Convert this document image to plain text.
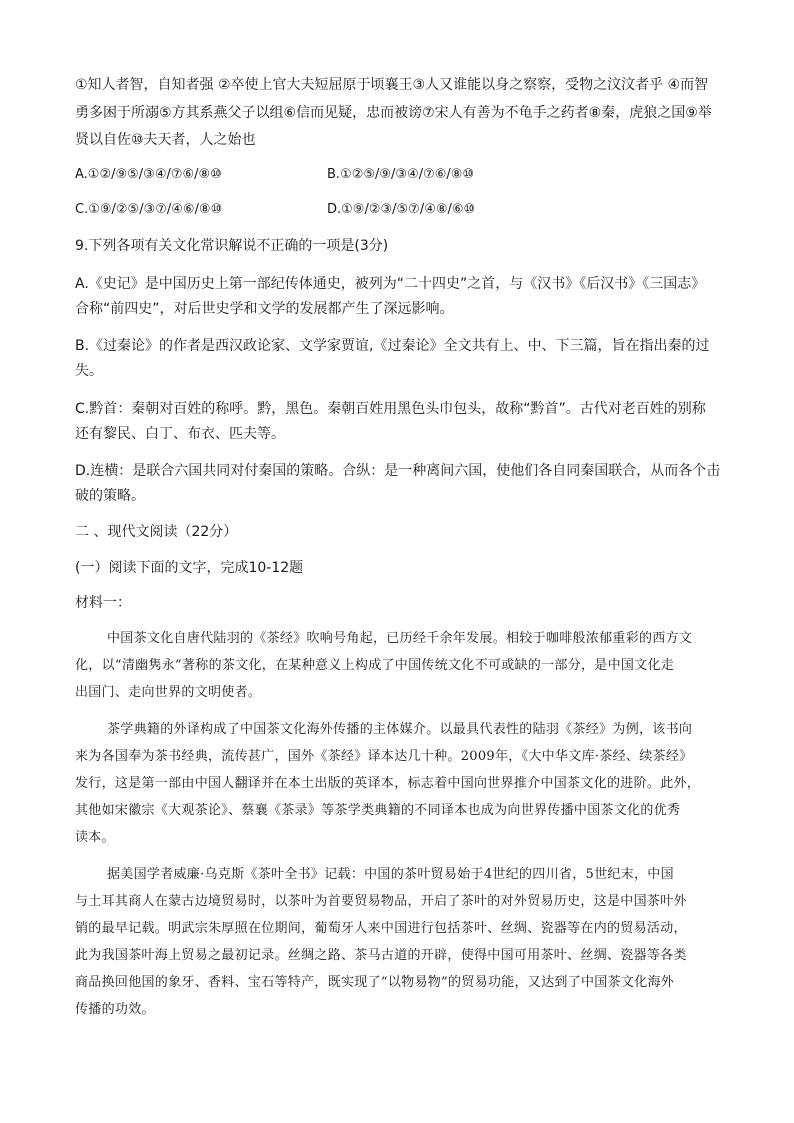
①知人者智，自知者强 ②卒使上官大夫短屈原于顷襄王③人又谁能以身之察察，受物之汶汶者乎 ④而智
勇多困于所溺⑤方其系燕父子以组⑥信而见疑，忠而被谤⑦宋人有善为不龟手之药者⑧秦，虎狼之国⑨举
贤以自佐⑩夫天者，人之始也
A.①②/⑨⑤/③④/⑦⑥/⑧⑩	B.①②⑤/⑨/③④/⑦⑥/⑧⑩
C.①⑨/②⑤/③⑦/④⑥/⑧⑩	D.①⑨/②③/⑤⑦/④⑧/⑥⑩
9.下列各项有关文化常识解说不正确的一项是(3分)
A.《史记》是中国历史上第一部纪传体通史，被列为“二十四史”之首，与《汉书》《后汉书》《三国志》
合称“前四史”，对后世史学和文学的发展都产生了深远影响。
B.《过秦论》的作者是西汉政论家、文学家贾谊,《过秦论》全文共有上、中、下三篇，旨在指出秦的过
失。
C.黔首：秦朝对百姓的称呼。黔，黑色。秦朝百姓用黑色头巾包头，故称“黔首”。古代对老百姓的别称
还有黎民、白丁、布衣、匹夫等。
D.连横：是联合六国共同对付秦国的策略。合纵：是一种离间六国，使他们各自同秦国联合，从而各个击
破的策略。
二 、现代文阅读（22分）
(一）阅读下面的文字，完成10-12题
材料一：
中国茶文化自唐代陆羽的《茶经》吹响号角起，已历经千余年发展。相较于咖啡般浓郁重彩的西方文
化，以“清幽隽永”著称的茶文化，在某种意义上构成了中国传统文化不可或缺的一部分，是中国文化走
出国门、走向世界的文明使者。
茶学典籍的外译构成了中国茶文化海外传播的主体媒介。以最具代表性的陆羽《茶经》为例，该书向
来为各国奉为茶书经典，流传甚广，国外《茶经》译本达几十种。2009年，《大中华文库·茶经、续茶经》
发行，这是第一部由中国人翻译并在本土出版的英译本，标志着中国向世界推介中国茶文化的进阶。此外，
其他如宋徽宗《大观茶论》、蔡襄《茶录》等茶学类典籍的不同译本也成为向世界传播中国茶文化的优秀
读本。
据美国学者威廉·乌克斯《茶叶全书》记载：中国的茶叶贸易始于4世纪的四川省，5世纪末，中国
与土耳其商人在蒙古边境贸易时，以茶叶为首要贸易物品，开启了茶叶的对外贸易历史，这是中国茶叶外
销的最早记载。明武宗朱厚照在位期间，葡萄牙人来中国进行包括茶叶、丝绸、瓷器等在内的贸易活动，
此为我国茶叶海上贸易之最初记录。丝绸之路、茶马古道的开辟，使得中国可用茶叶、丝绸、瓷器等各类
商品换回他国的象牙、香料、宝石等特产，既实现了“以物易物”的贸易功能，又达到了中国茶文化海外
传播的功效。
